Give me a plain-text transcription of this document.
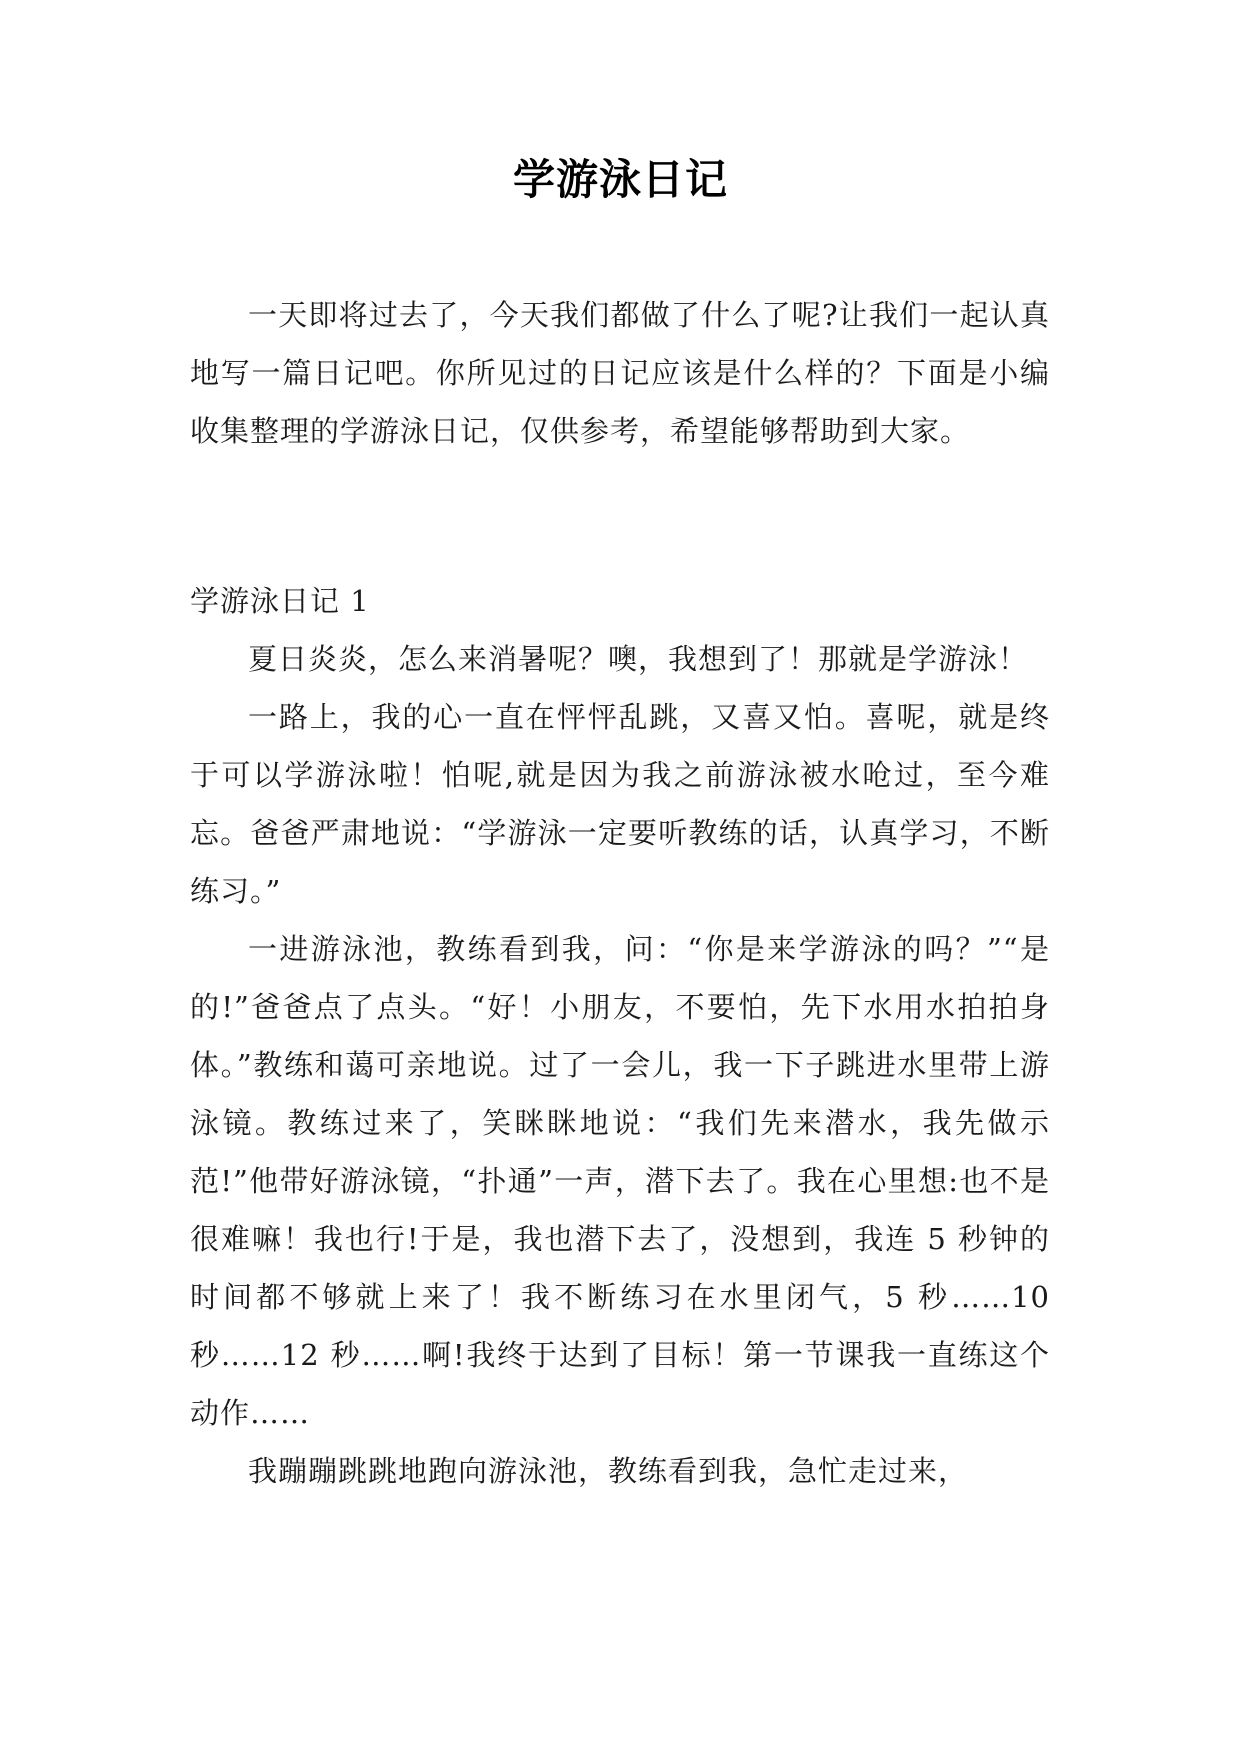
学游泳日记

一天即将过去了，今天我们都做了什么了呢?让我们一起认真地写一篇日记吧。你所见过的日记应该是什么样的？下面是小编收集整理的学游泳日记，仅供参考，希望能够帮助到大家。

学游泳日记 1

夏日炎炎，怎么来消暑呢？噢，我想到了！那就是学游泳！

一路上，我的心一直在怦怦乱跳，又喜又怕。喜呢，就是终于可以学游泳啦！怕呢,就是因为我之前游泳被水呛过，至今难忘。爸爸严肃地说：“学游泳一定要听教练的话，认真学习，不断练习。”

一进游泳池，教练看到我，问：“你是来学游泳的吗？”“是的!”爸爸点了点头。“好！小朋友，不要怕，先下水用水拍拍身体。”教练和蔼可亲地说。过了一会儿，我一下子跳进水里带上游泳镜。教练过来了，笑眯眯地说：“我们先来潜水，我先做示范!”他带好游泳镜，“扑通”一声，潜下去了。我在心里想:也不是很难嘛！我也行!于是，我也潜下去了，没想到，我连 5 秒钟的时间都不够就上来了！我不断练习在水里闭气，5 秒……10 秒……12 秒……啊!我终于达到了目标！第一节课我一直练这个动作……

我蹦蹦跳跳地跑向游泳池，教练看到我，急忙走过来，
